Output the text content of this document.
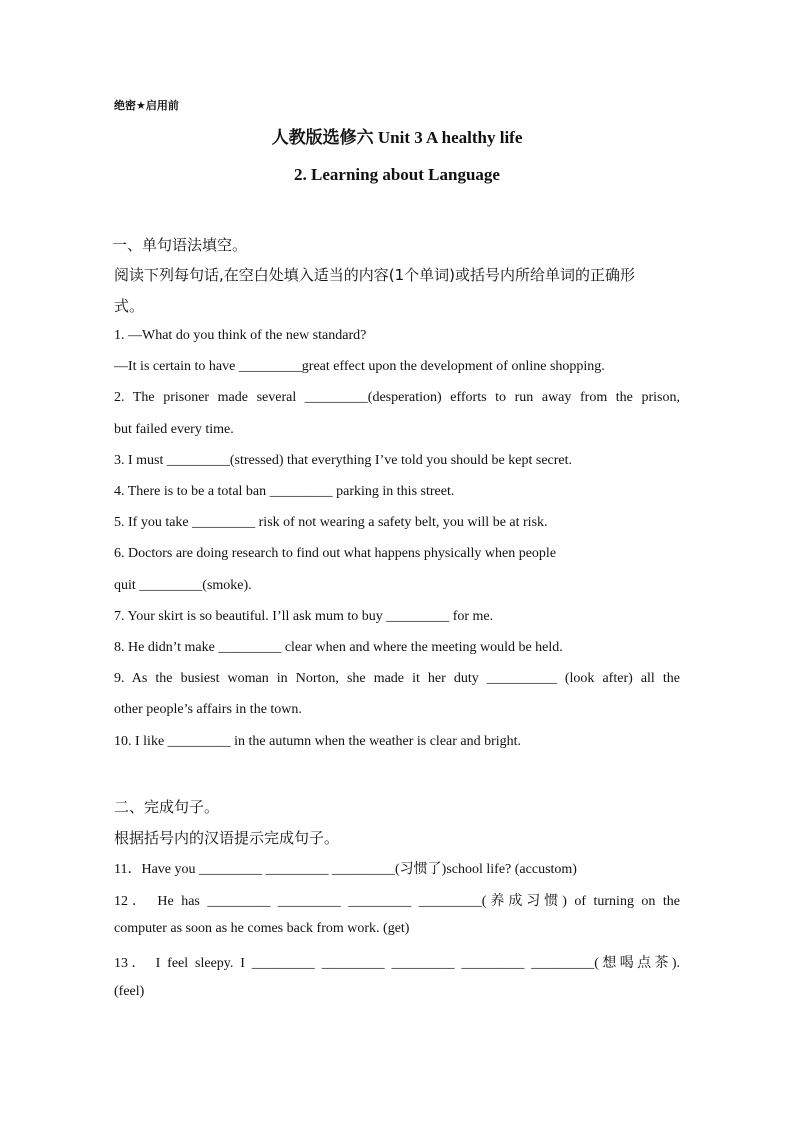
绝密★启用前
人教版选修六 Unit 3 A healthy life
2. Learning about Language
一、单句语法填空。
阅读下列每句话,在空白处填入适当的内容(1个单词)或括号内所给单词的正确形
式。
1. —What do you think of the new standard?
—It is certain to have _________great effect upon the development of online shopping.
2. The prisoner made several _________(desperation) efforts to run away from the prison,
but failed every time.
3. I must _________(stressed) that everything I’ve told you should be kept secret.
4. There is to be a total ban _________ parking in this street.
5. If you take _________ risk of not wearing a safety belt, you will be at risk.
6. Doctors are doing research to find out what happens physically when people
quit _________(smoke).
7. Your skirt is so beautiful. I’ll ask mum to buy _________ for me.
8. He didn’t make _________ clear when and where the meeting would be held.
9. As the busiest woman in Norton, she made it her duty __________ (look after) all the
other people’s affairs in the town.
10. I like _________ in the autumn when the weather is clear and bright.
二、完成句子。
根据括号内的汉语提示完成句子。
11．Have you _________ _________ _________(习惯了)school life? (accustom)
12． He has _________ _________ _________ _________(养成习惯) of turning on the
computer as soon as he comes back from work. (get)
13． I feel sleepy. I _________ _________ _________ _________ _________(想喝点茶).
(feel)
